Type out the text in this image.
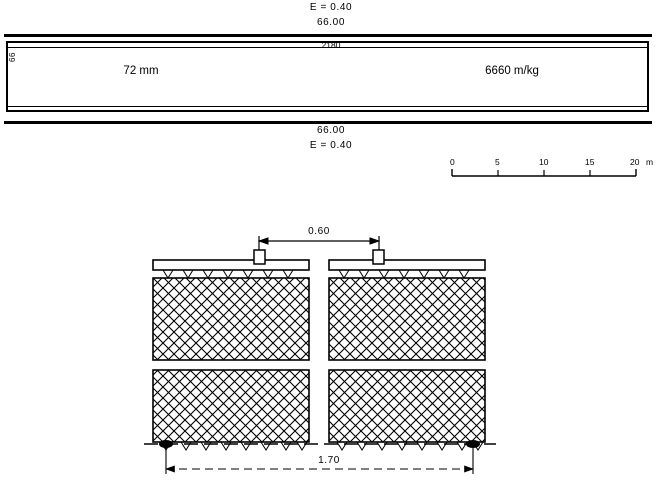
E = 0.40
66.00
2180
66
72 mm	6660 m/kg
66.00
E = 0.40
0	5	10	15	20 m
0.60
1.70
